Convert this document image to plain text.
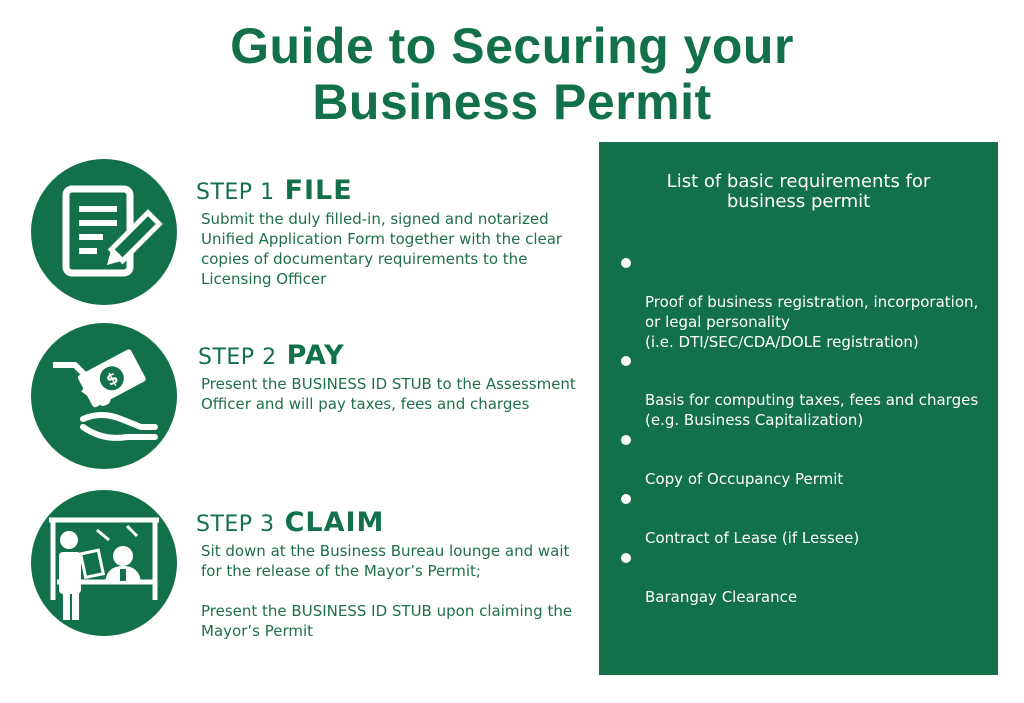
Guide to Securing your
Business Permit
STEP 1 FILE
Submit the duly filled-in, signed and notarized
Unified Application Form together with the clear
copies of documentary requirements to the
Licensing Officer
$
STEP 2 PAY
Present the BUSINESS ID STUB to the Assessment
Officer and will pay taxes, fees and charges
STEP 3 CLAIM
Sit down at the Business Bureau lounge and wait
for the release of the Mayor’s Permit;

Present the BUSINESS ID STUB upon claiming the
Mayor’s Permit
List of basic requirements for
business permit

Proof of business registration, incorporation,
or legal personality
(i.e. DTI/SEC/CDA/DOLE registration)

Basis for computing taxes, fees and charges
(e.g. Business Capitalization)

Copy of Occupancy Permit

Contract of Lease (if Lessee)

Barangay Clearance
